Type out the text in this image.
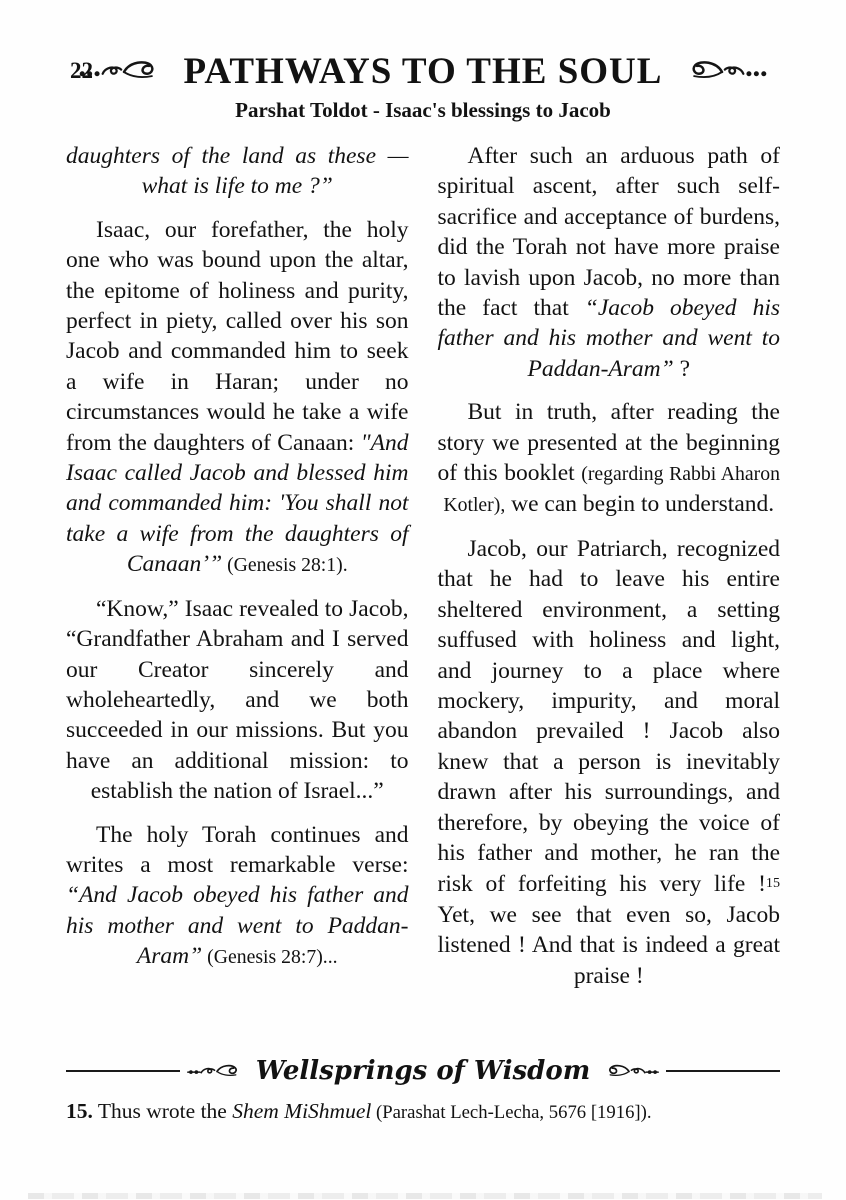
22 PATHWAYS TO THE SOUL
Parshat Toldot - Isaac's blessings to Jacob

daughters of the land as these — what is life to me ?”

Isaac, our forefather, the holy one who was bound upon the altar, the epitome of holiness and purity, perfect in piety, called over his son Jacob and commanded him to seek a wife in Haran; under no circumstances would he take a wife from the daughters of Canaan: "And Isaac called Jacob and blessed him and commanded him: 'You shall not take a wife from the daughters of Canaan’” (Genesis 28:1).

“Know,” Isaac revealed to Jacob, “Grandfather Abraham and I served our Creator sincerely and wholeheartedly, and we both succeeded in our missions. But you have an additional mission: to establish the nation of Israel...”

The holy Torah continues and writes a most remarkable verse: “And Jacob obeyed his father and his mother and went to Paddan-Aram” (Genesis 28:7)...

After such an arduous path of spiritual ascent, after such self-sacrifice and acceptance of burdens, did the Torah not have more praise to lavish upon Jacob, no more than the fact that “Jacob obeyed his father and his mother and went to Paddan-Aram” ?

But in truth, after reading the story we presented at the beginning of this booklet (regarding Rabbi Aharon Kotler), we can begin to understand.

Jacob, our Patriarch, recognized that he had to leave his entire sheltered environment, a setting suffused with holiness and light, and journey to a place where mockery, impurity, and moral abandon prevailed ! Jacob also knew that a person is inevitably drawn after his surroundings, and therefore, by obeying the voice of his father and mother, he ran the risk of forfeiting his very life !15 Yet, we see that even so, Jacob listened ! And that is indeed a great praise !

Wellsprings of Wisdom

15. Thus wrote the Shem MiShmuel (Parashat Lech-Lecha, 5676 [1916]).
